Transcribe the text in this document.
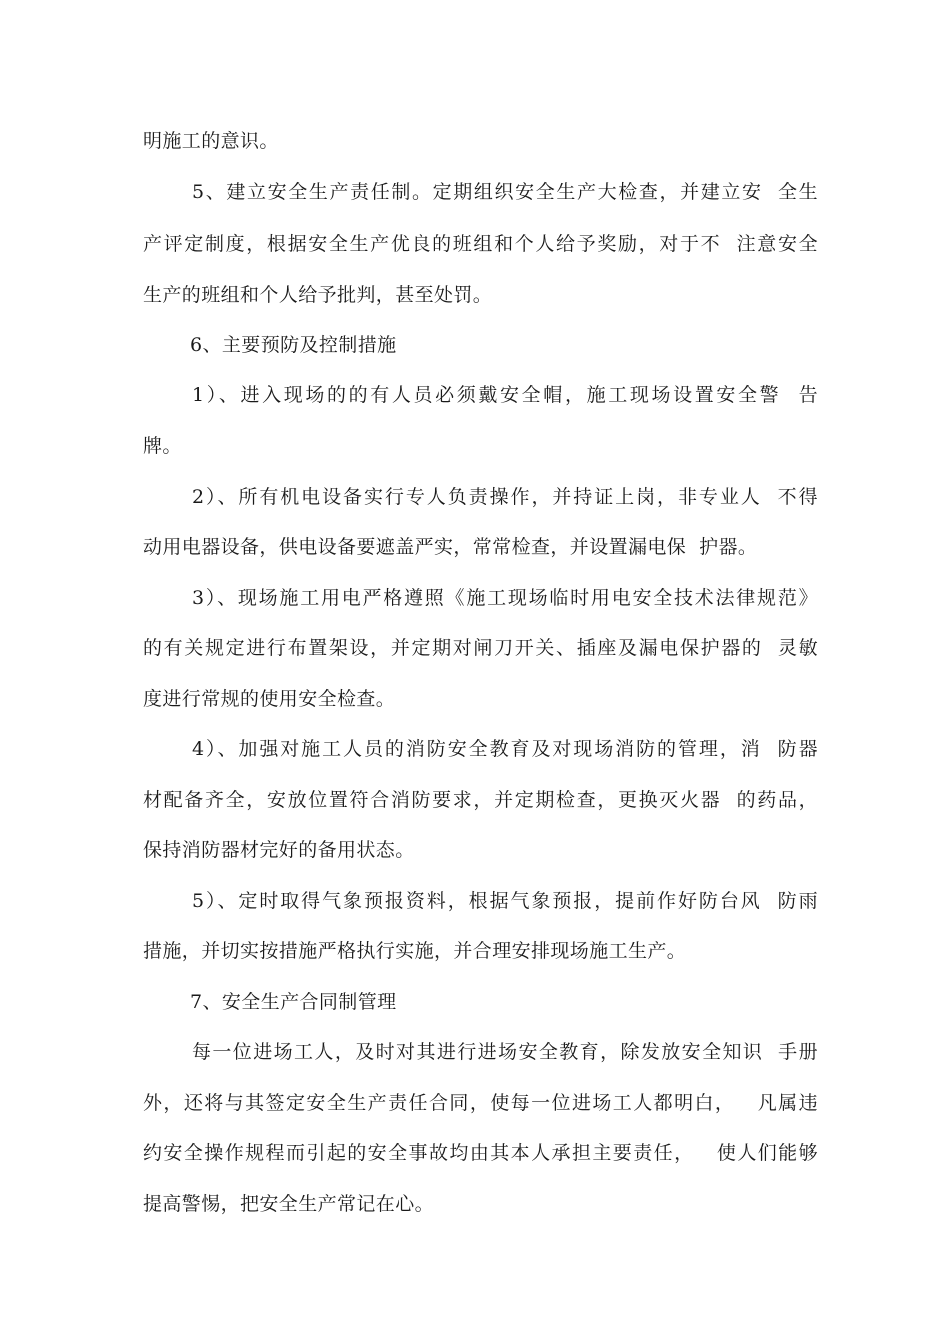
明施工的意识。
5、建立安全生产责任制。定期组织安全生产大检查，并建立安  全生
产评定制度，根据安全生产优良的班组和个人给予奖励，对于不  注意安全
生产的班组和个人给予批判，甚至处罚。
6、主要预防及控制措施
1）、进入现场的的有人员必须戴安全帽，施工现场设置安全警  告
牌。
2）、所有机电设备实行专人负责操作，并持证上岗，非专业人  不得
动用电器设备，供电设备要遮盖严实，常常检查，并设置漏电保  护器。
3）、现场施工用电严格遵照《施工现场临时用电安全技术法律规范》
的有关规定进行布置架设，并定期对闸刀开关、插座及漏电保护器的  灵敏
度进行常规的使用安全检查。
4）、加强对施工人员的消防安全教育及对现场消防的管理，消  防器
材配备齐全，安放位置符合消防要求，并定期检查，更换灭火器  的药品，
保持消防器材完好的备用状态。
5）、定时取得气象预报资料，根据气象预报，提前作好防台风  防雨
措施，并切实按措施严格执行实施，并合理安排现场施工生产。
7、安全生产合同制管理
每一位进场工人，及时对其进行进场安全教育，除发放安全知识  手册
外，还将与其签定安全生产责任合同，使每一位进场工人都明白，   凡属违
约安全操作规程而引起的安全事故均由其本人承担主要责任，   使人们能够
提高警惕，把安全生产常记在心。
